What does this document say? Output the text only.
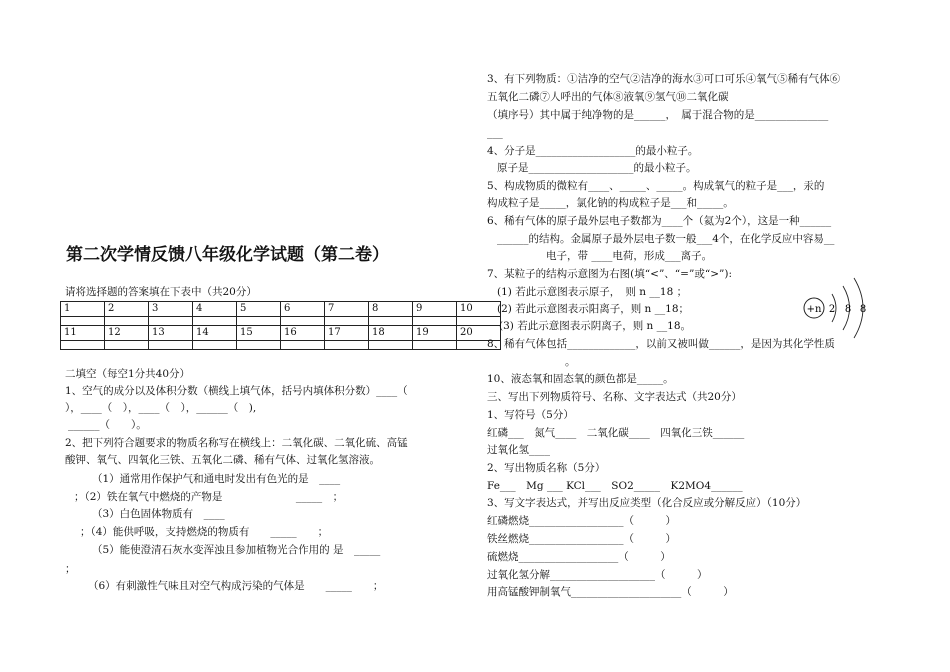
第二次学情反馈八年级化学试题（第二卷）
请将选择题的答案填在下表中（共20分）
1	2	3	4	5	6	7	8	9	10

11	12	13	14	15	16	17	18	19	20

二填空（每空1分共40分）
1、空气的成分以及体积分数（横线上填气体，括号内填体积分数）____（
），____（　），____（　），______（　),
______（　　）。
2、把下列符合题要求的物质名称写在横线上：二氧化碳、二氧化硫、高锰
酸钾、氧气、四氧化三铁、五氧化二磷、稀有气体、过氧化氢溶液。
（1）通常用作保护气和通电时发出有色光的是　____
；（2）铁在氧气中燃烧的产物是　　　　　　　_____　；
（3）白色固体物质有　____
；（4）能供呼吸，支持燃烧的物质有　　_____　　；
（5）能使澄清石灰水变浑浊且参加植物光合作用的 是　_____
；
（6）有刺激性气味且对空气构成污染的气体是　　_____　　；
3、有下列物质：①洁净的空气②洁净的海水③可口可乐④氧气⑤稀有气体⑥
五氧化二磷⑦人呼出的气体⑧液氧⑨氢气⑩二氧化碳
（填序号）其中属于纯净物的是______，　属于混合物的是______________
___
4、分子是___________________的最小粒子。
原子是____________________的最小粒子。
5、构成物质的微粒有____、_____、_____。构成氧气的粒子是___，汞的
构成粒子是_____，氯化钠的构成粒子是___和_____。
6、稀有气体的原子最外层电子数都为____个（氦为2个），这是一种______
______的结构。金属原子最外层电子数一般___4个，在化学反应中容易__
电子，带 ____电荷，形成___离子。
7、某粒子的结构示意图为右图(填“<”、“=”或“>”):
(1) 若此示意图表示原子，　则 n __18 ；
(2) 若此示意图表示阳离子，则 n __18；
(3) 若此示意图表示阴离子，则 n __18。
8、稀有气体包括_____________，以前又被叫做______，是因为其化学性质
。
10、液态氧和固态氧的颜色都是_____。
三、写出下列物质符号、名称、文字表达式（共20分）
1、写符号（5分）
红磷___　氮气____　二氧化碳____　四氧化三铁______
过氧化氢____
2、写出物质名称（5分）
Fe___　Mg ___ KCl___　SO2_____　K2MO4______
3、写文字表达式，并写出反应类型（化合反应或分解反应）（10分）
红磷燃烧__________________（　　　）
铁丝燃烧__________________（　　　）
硫燃烧___________________（　　　）
过氧化氢分解____________________（　　　）
用高锰酸钾制氧气_____________________（　　　）
+n 2 8 8
